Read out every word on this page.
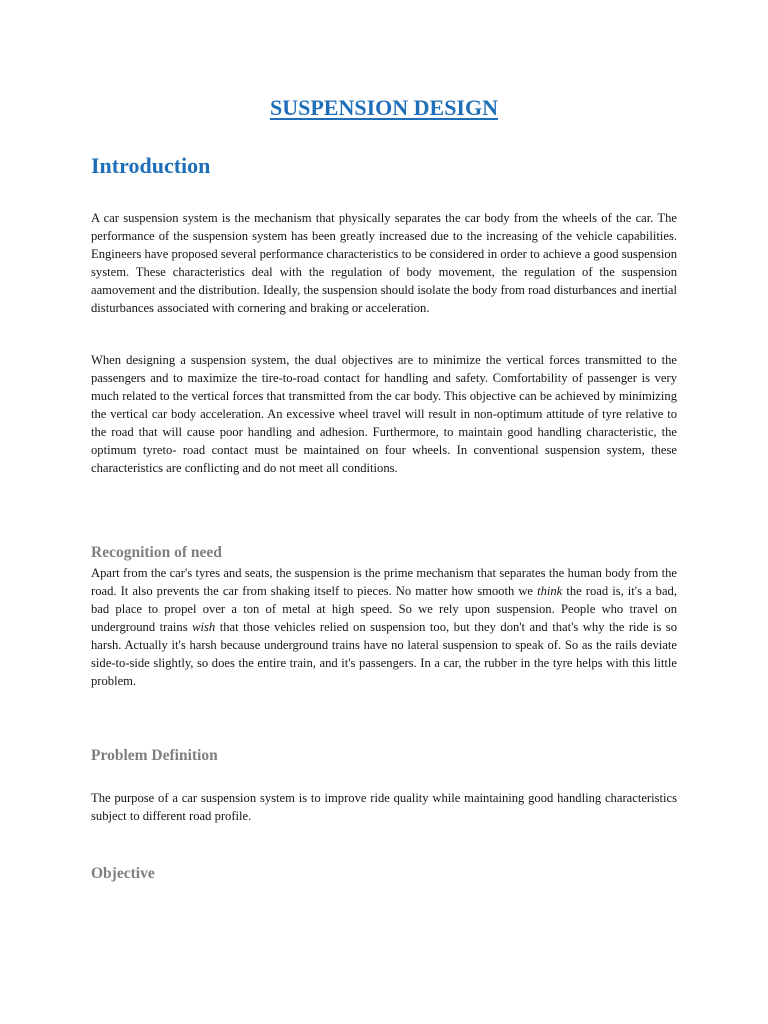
SUSPENSION DESIGN
Introduction

A car suspension system is the mechanism that physically separates the car body from the wheels of the car. The performance of the suspension system has been greatly increased due to the increasing of the vehicle capabilities. Engineers have proposed several performance characteristics to be considered in order to achieve a good suspension system. These characteristics deal with the regulation of body movement, the regulation of the suspension aamovement and the distribution. Ideally, the suspension should isolate the body from road disturbances and inertial disturbances associated with cornering and braking or acceleration.

When designing a suspension system, the dual objectives are to minimize the vertical forces transmitted to the passengers and to maximize the tire-to-road contact for handling and safety. Comfortability of passenger is very much related to the vertical forces that transmitted from the car body. This objective can be achieved by minimizing the vertical car body acceleration. An excessive wheel travel will result in non-optimum attitude of tyre relative to the road that will cause poor handling and adhesion. Furthermore, to maintain good handling characteristic, the optimum tyreto- road contact must be maintained on four wheels. In conventional suspension system, these characteristics are conflicting and do not meet all conditions.

Recognition of need

Apart from the car's tyres and seats, the suspension is the prime mechanism that separates the human body from the road. It also prevents the car from shaking itself to pieces. No matter how smooth we think the road is, it's a bad, bad place to propel over a ton of metal at high speed. So we rely upon suspension. People who travel on underground trains wish that those vehicles relied on suspension too, but they don't and that's why the ride is so harsh. Actually it's harsh because underground trains have no lateral suspension to speak of. So as the rails deviate side-to-side slightly, so does the entire train, and it's passengers. In a car, the rubber in the tyre helps with this little problem.

Problem Definition

The purpose of a car suspension system is to improve ride quality while maintaining good handling characteristics subject to different road profile.

Objective
